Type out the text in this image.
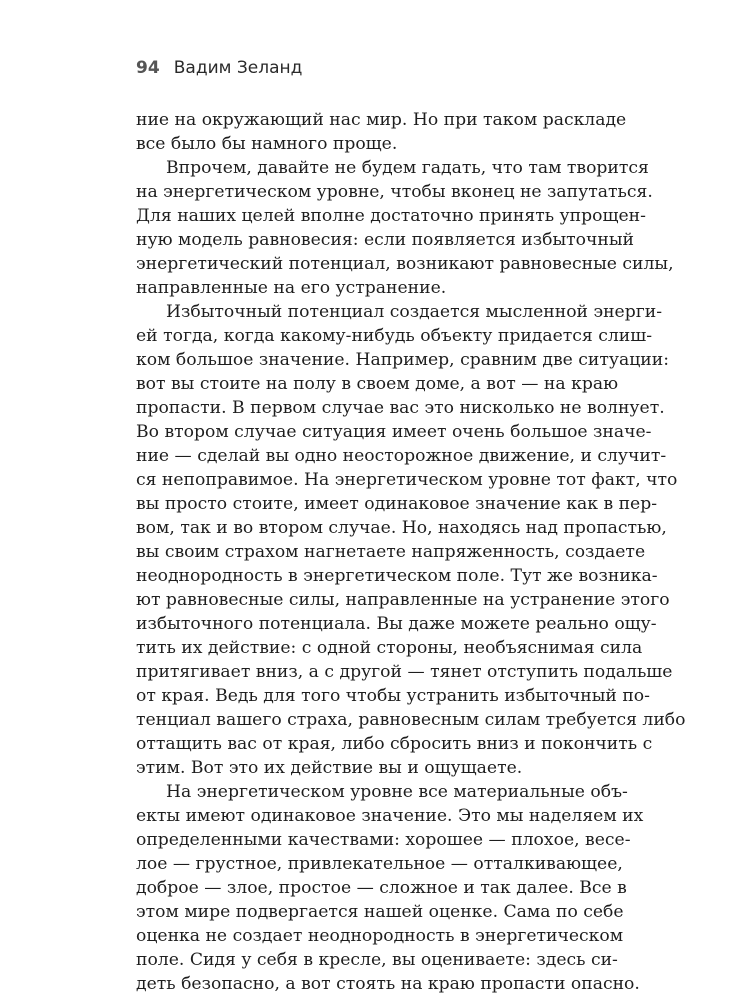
94 Вадим Зеланд
ние на окружающий нас мир. Но при таком раскладе
все было бы намного проще.
Впрочем, давайте не будем гадать, что там творится
на энергетическом уровне, чтобы вконец не запутаться.
Для наших целей вполне достаточно принять упрощен-
ную модель равновесия: если появляется избыточный
энергетический потенциал, возникают равновесные силы,
направленные на его устранение.
Избыточный потенциал создается мысленной энерги-
ей тогда, когда какому-нибудь объекту придается слиш-
ком большое значение. Например, сравним две ситуации:
вот вы стоите на полу в своем доме, а вот — на краю
пропасти. В первом случае вас это нисколько не волнует.
Во втором случае ситуация имеет очень большое значе-
ние — сделай вы одно неосторожное движение, и случит-
ся непоправимое. На энергетическом уровне тот факт, что
вы просто стоите, имеет одинаковое значение как в пер-
вом, так и во втором случае. Но, находясь над пропастью,
вы своим страхом нагнетаете напряженность, создаете
неоднородность в энергетическом поле. Тут же возника-
ют равновесные силы, направленные на устранение этого
избыточного потенциала. Вы даже можете реально ощу-
тить их действие: с одной стороны, необъяснимая сила
притягивает вниз, а с другой — тянет отступить подальше
от края. Ведь для того чтобы устранить избыточный по-
тенциал вашего страха, равновесным силам требуется либо
оттащить вас от края, либо сбросить вниз и покончить с
этим. Вот это их действие вы и ощущаете.
На энергетическом уровне все материальные объ-
екты имеют одинаковое значение. Это мы наделяем их
определенными качествами: хорошее — плохое, весе-
лое — грустное, привлекательное — отталкивающее,
доброе — злое, простое — сложное и так далее. Все в
этом мире подвергается нашей оценке. Сама по себе
оценка не создает неоднородность в энергетическом
поле. Сидя у себя в кресле, вы оцениваете: здесь си-
деть безопасно, а вот стоять на краю пропасти опасно.
